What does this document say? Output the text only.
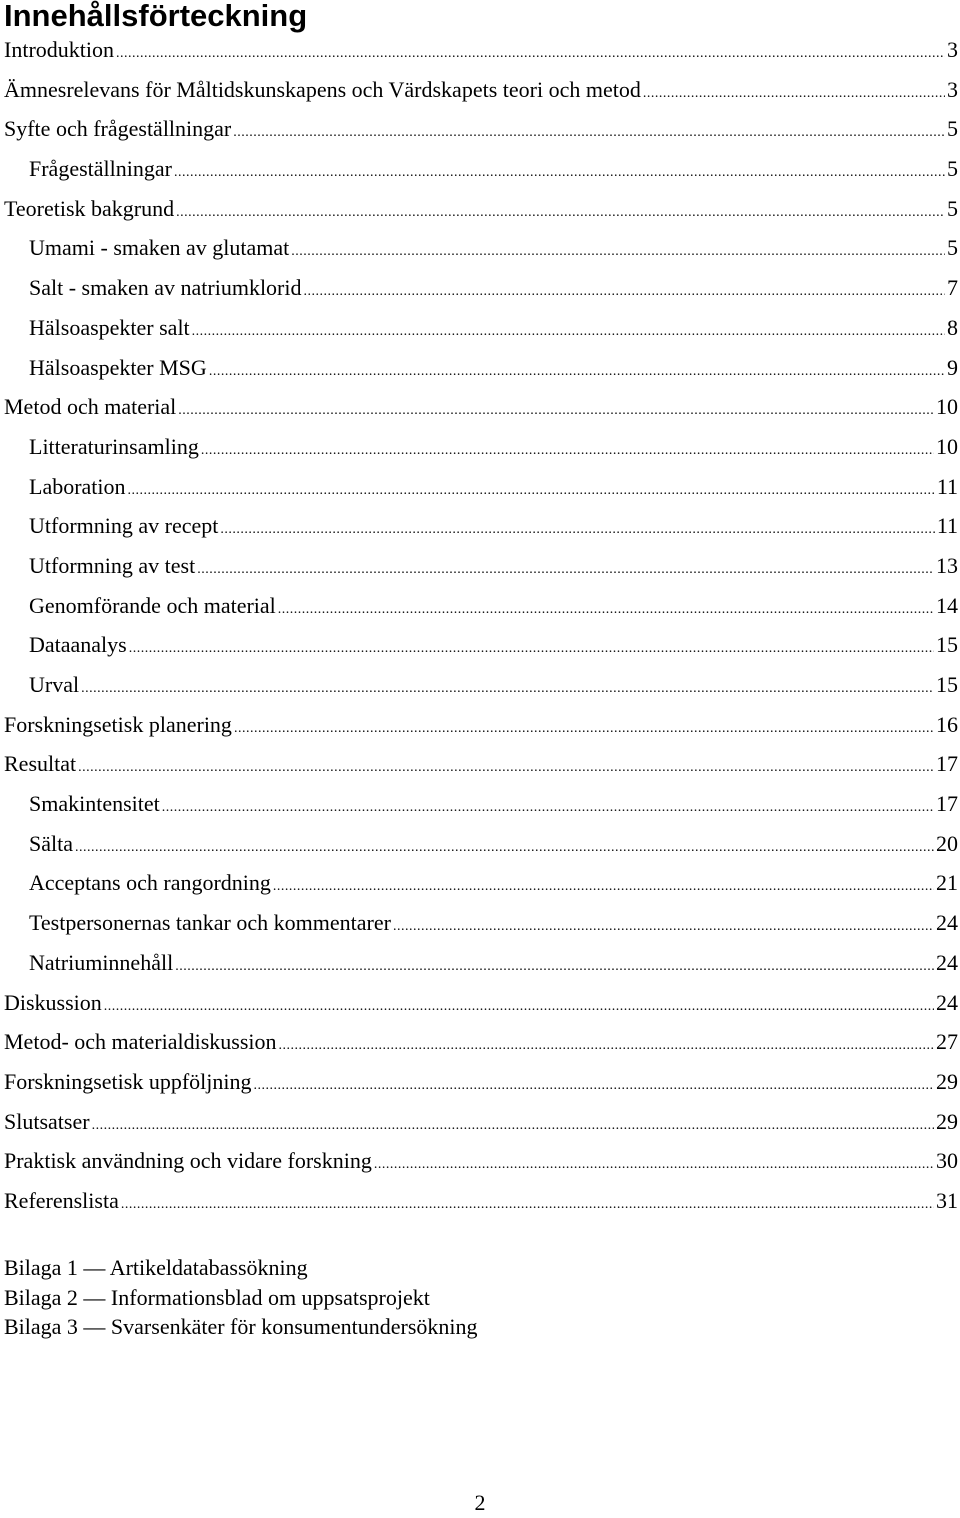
Innehållsförteckning
Introduktion .....	3
Ämnesrelevans för Måltidskunskapens och Värdskapets teori och metod .....	3
Syfte och frågeställningar .....	5
Frågeställningar .....	5
Teoretisk bakgrund .....	5
Umami - smaken av glutamat .....	5
Salt - smaken av natriumklorid .....	7
Hälsoaspekter salt .....	8
Hälsoaspekter MSG .....	9
Metod och material .....	10
Litteraturinsamling .....	10
Laboration .....	11
Utformning av recept .....	11
Utformning av test .....	13
Genomförande och material .....	14
Dataanalys .....	15
Urval .....	15
Forskningsetisk planering .....	16
Resultat .....	17
Smakintensitet .....	17
Sälta .....	20
Acceptans och rangordning .....	21
Testpersonernas tankar och kommentarer .....	24
Natriuminnehåll .....	24
Diskussion .....	24
Metod- och materialdiskussion .....	27
Forskningsetisk uppföljning .....	29
Slutsatser .....	29
Praktisk användning och vidare forskning .....	30
Referenslista .....	31
Bilaga 1 — Artikeldatabassökning
Bilaga 2 — Informationsblad om uppsatsprojekt
Bilaga 3 — Svarsenkäter för konsumentundersökning
2
